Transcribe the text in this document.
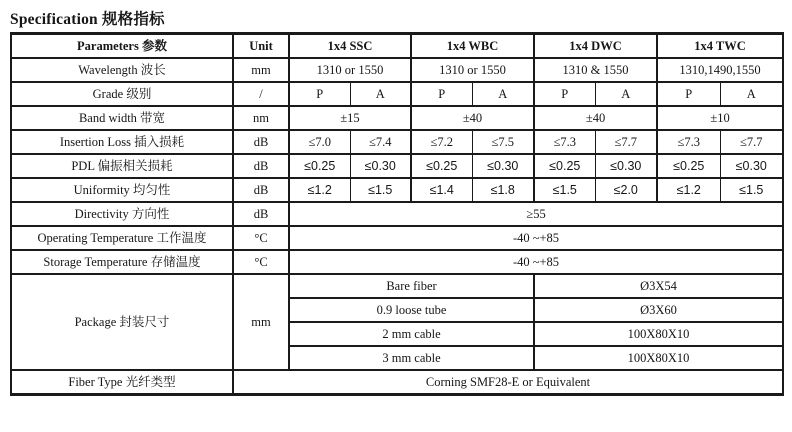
Specification 规格指标
Parameters 参数	Unit	1x4 SSC		1x4 WBC		1x4 DWC		1x4 TWC	
Wavelength 波长	mm	1310 or 1550		1310 or 1550		1310 & 1550		1310,1490,1550	
Grade 级别	/	P	A	P	A	P	A	P	A
Band width 带宽	nm	±15		±40		±40		±10	
Insertion Loss 插入损耗	dB	≤7.0	≤7.4	≤7.2	≤7.5	≤7.3	≤7.7	≤7.3	≤7.7
PDL 偏振相关损耗	dB	≤0.25	≤0.30	≤0.25	≤0.30	≤0.25	≤0.30	≤0.25	≤0.30
Uniformity 均匀性	dB	≤1.2	≤1.5	≤1.4	≤1.8	≤1.5	≤2.0	≤1.2	≤1.5
Directivity 方向性	dB	≥55							
Operating Temperature 工作温度	°C	-40 ~+85							
Storage Temperature 存储温度	°C	-40 ~+85							
Package 封装尺寸	mm	Bare fiber				Ø3X54			
		0.9 loose tube				Ø3X60			
		2 mm cable				100X80X10			
		3 mm cable				100X80X10			
Fiber Type 光纤类型	Corning SMF28-E or Equivalent								
